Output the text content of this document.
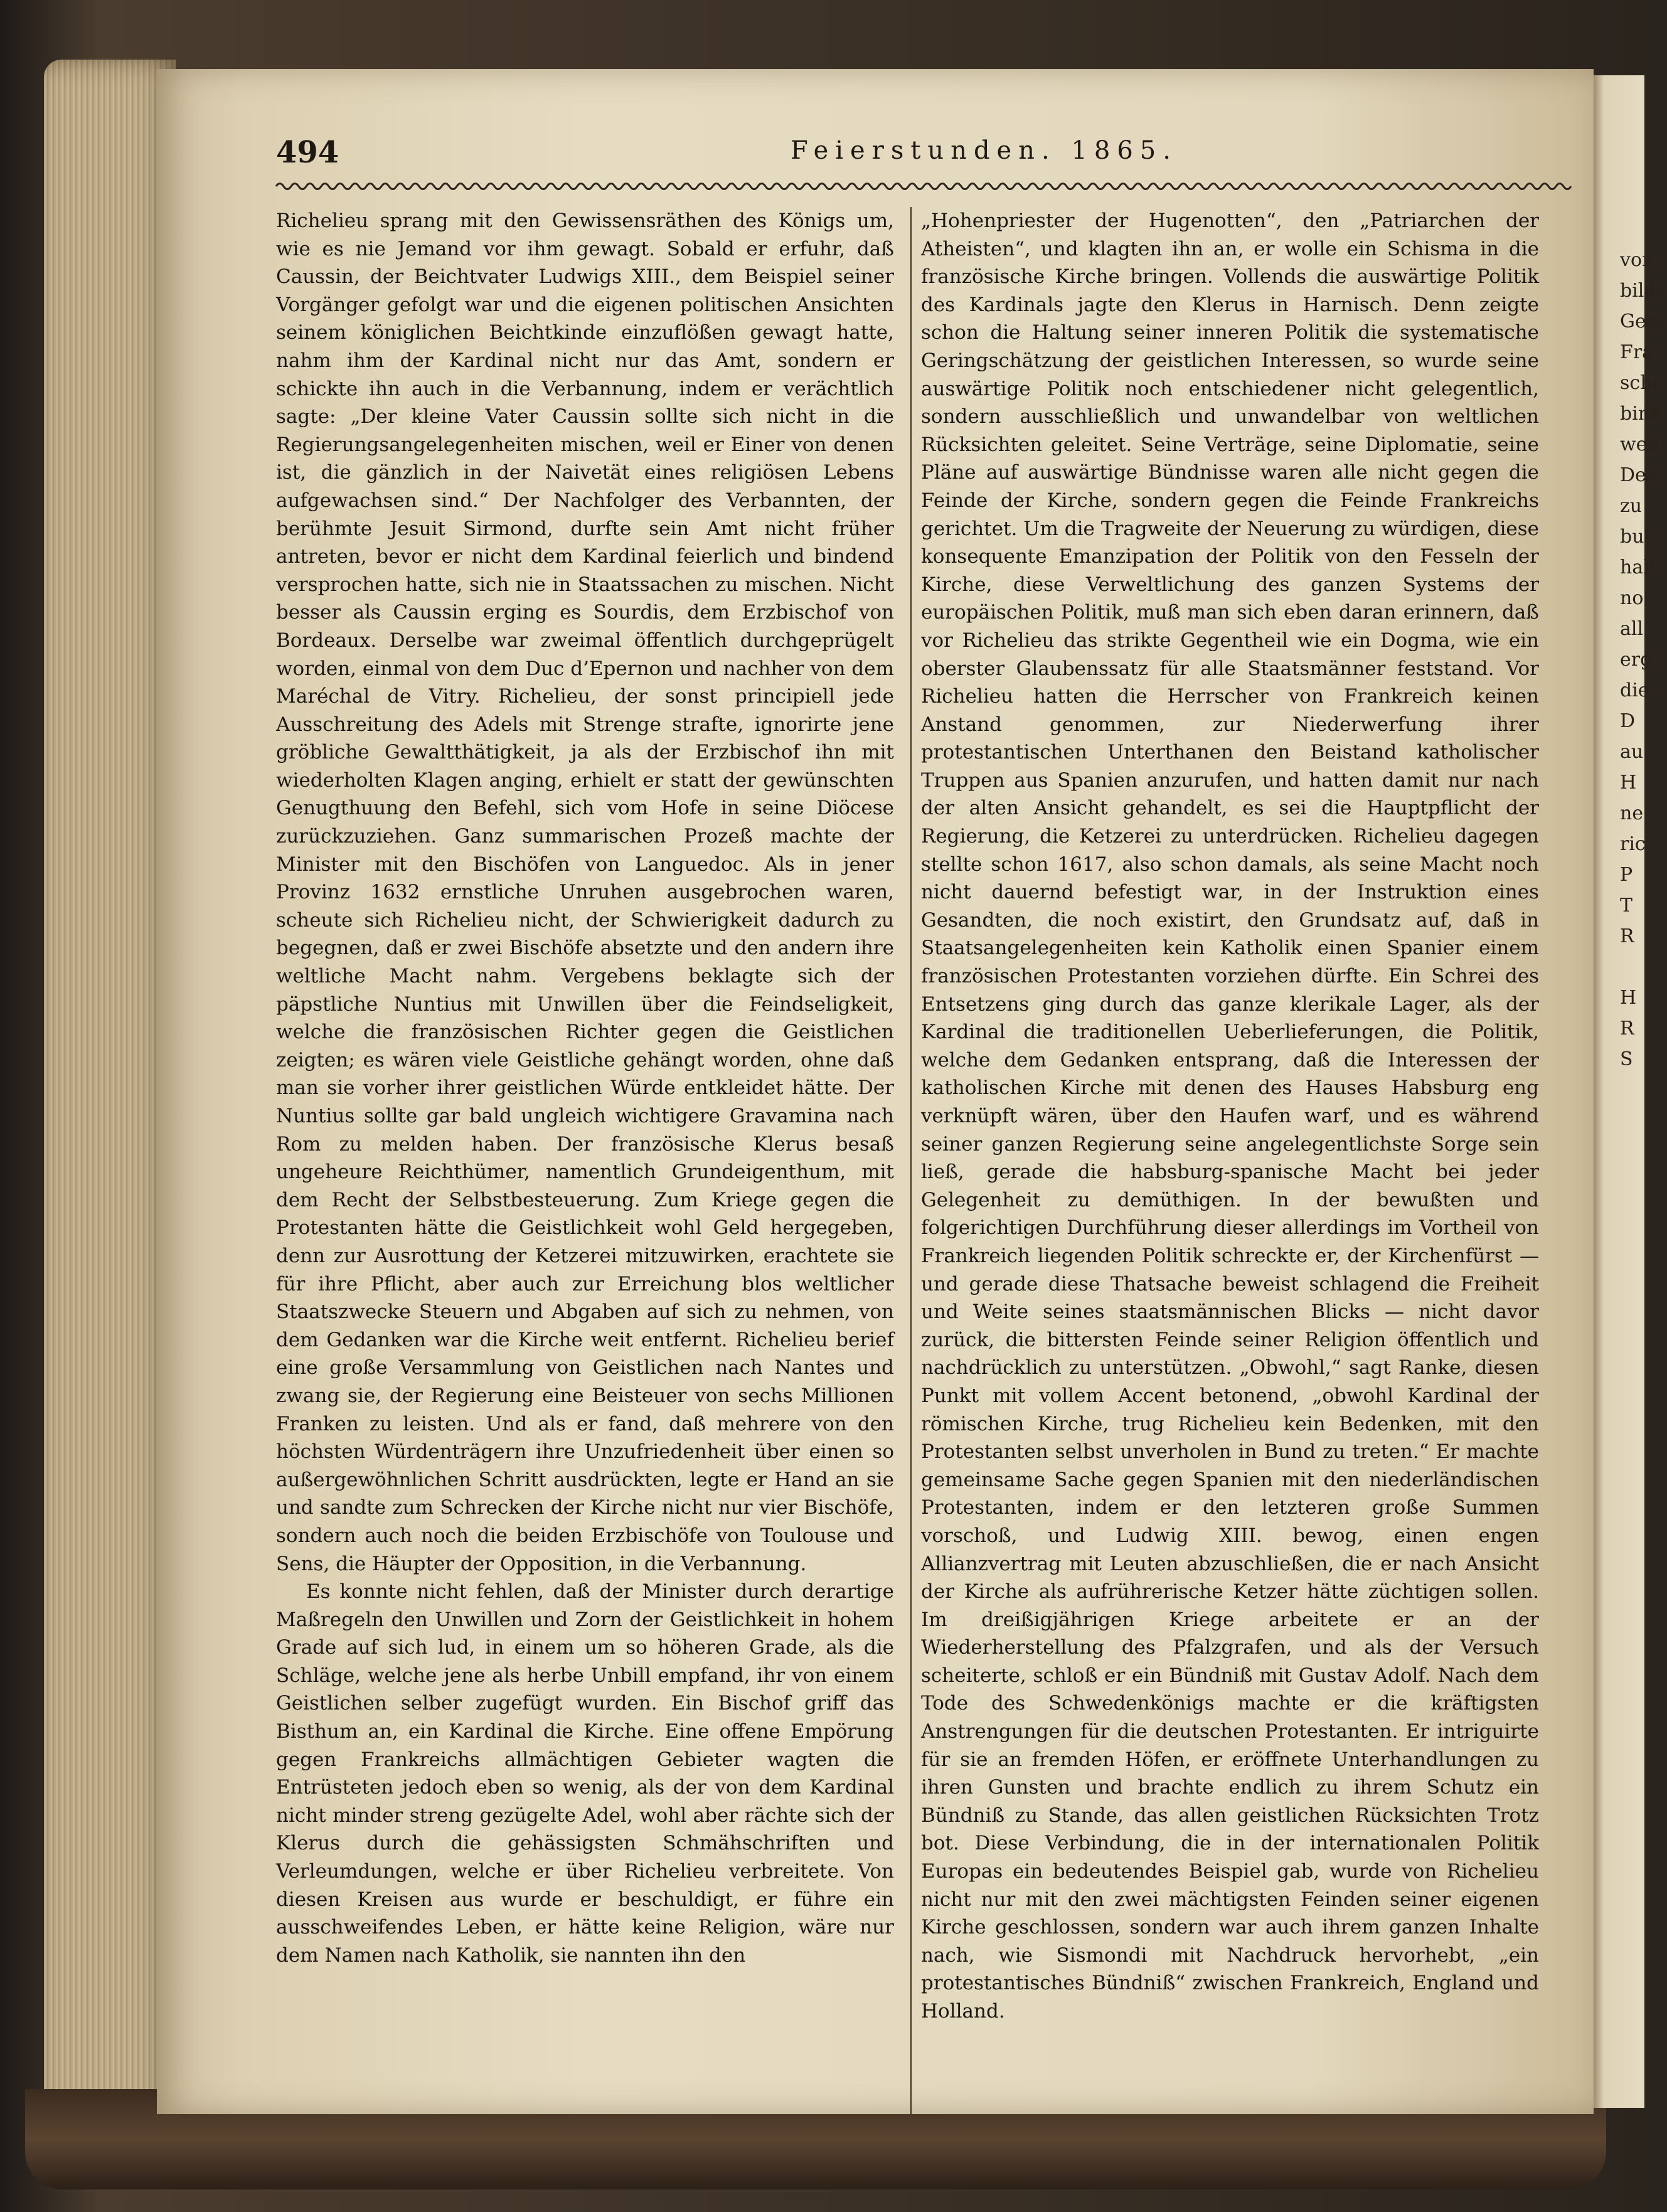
von
bilde
Gess
Fra
schr
bina
wen
Des
zu
bul
hab
no
all
erg
die
D
au
H
ne
ric
P
T
R

H
R
S

494	Feierstunden. 1865.

Richelieu sprang mit den Gewissensräthen des Königs um, wie es nie Jemand vor ihm gewagt. Sobald er erfuhr, daß Caussin, der Beichtvater Ludwigs XIII., dem Beispiel seiner Vorgänger gefolgt war und die eigenen politischen Ansichten seinem königlichen Beichtkinde einzuflößen gewagt hatte, nahm ihm der Kardinal nicht nur das Amt, sondern er schickte ihn auch in die Verbannung, indem er verächtlich sagte: „Der kleine Vater Caussin sollte sich nicht in die Regierungsangelegenheiten mischen, weil er Einer von denen ist, die gänzlich in der Naivetät eines religiösen Lebens aufgewachsen sind.“ Der Nachfolger des Verbannten, der berühmte Jesuit Sirmond, durfte sein Amt nicht früher antreten, bevor er nicht dem Kardinal feierlich und bindend versprochen hatte, sich nie in Staatssachen zu mischen. Nicht besser als Caussin erging es Sourdis, dem Erzbischof von Bordeaux. Derselbe war zweimal öffentlich durchgeprügelt worden, einmal von dem Duc d’Epernon und nachher von dem Maréchal de Vitry. Richelieu, der sonst principiell jede Ausschreitung des Adels mit Strenge strafte, ignorirte jene gröbliche Gewaltthätigkeit, ja als der Erzbischof ihn mit wiederholten Klagen anging, erhielt er statt der gewünschten Genugthuung den Befehl, sich vom Hofe in seine Diöcese zurückzuziehen. Ganz summarischen Prozeß machte der Minister mit den Bischöfen von Languedoc. Als in jener Provinz 1632 ernstliche Unruhen ausgebrochen waren, scheute sich Richelieu nicht, der Schwierigkeit dadurch zu begegnen, daß er zwei Bischöfe absetzte und den andern ihre weltliche Macht nahm. Vergebens beklagte sich der päpstliche Nuntius mit Unwillen über die Feindseligkeit, welche die französischen Richter gegen die Geistlichen zeigten; es wären viele Geistliche gehängt worden, ohne daß man sie vorher ihrer geistlichen Würde entkleidet hätte. Der Nuntius sollte gar bald ungleich wichtigere Gravamina nach Rom zu melden haben. Der französische Klerus besaß ungeheure Reichthümer, namentlich Grundeigenthum, mit dem Recht der Selbstbesteuerung. Zum Kriege gegen die Protestanten hätte die Geistlichkeit wohl Geld hergegeben, denn zur Ausrottung der Ketzerei mitzuwirken, erachtete sie für ihre Pflicht, aber auch zur Erreichung blos weltlicher Staatszwecke Steuern und Abgaben auf sich zu nehmen, von dem Gedanken war die Kirche weit entfernt. Richelieu berief eine große Versammlung von Geistlichen nach Nantes und zwang sie, der Regierung eine Beisteuer von sechs Millionen Franken zu leisten. Und als er fand, daß mehrere von den höchsten Würdenträgern ihre Unzufriedenheit über einen so außergewöhnlichen Schritt ausdrückten, legte er Hand an sie und sandte zum Schrecken der Kirche nicht nur vier Bischöfe, sondern auch noch die beiden Erzbischöfe von Toulouse und Sens, die Häupter der Opposition, in die Verbannung.

Es konnte nicht fehlen, daß der Minister durch derartige Maßregeln den Unwillen und Zorn der Geistlichkeit in hohem Grade auf sich lud, in einem um so höheren Grade, als die Schläge, welche jene als herbe Unbill empfand, ihr von einem Geistlichen selber zugefügt wurden. Ein Bischof griff das Bisthum an, ein Kardinal die Kirche. Eine offene Empörung gegen Frankreichs allmächtigen Gebieter wagten die Entrüsteten jedoch eben so wenig, als der von dem Kardinal nicht minder streng gezügelte Adel, wohl aber rächte sich der Klerus durch die gehässigsten Schmähschriften und Verleumdungen, welche er über Richelieu verbreitete. Von diesen Kreisen aus wurde er beschuldigt, er führe ein ausschweifendes Leben, er hätte keine Religion, wäre nur dem Namen nach Katholik, sie nannten ihn den

„Hohenpriester der Hugenotten“, den „Patriarchen der Atheisten“, und klagten ihn an, er wolle ein Schisma in die französische Kirche bringen. Vollends die auswärtige Politik des Kardinals jagte den Klerus in Harnisch. Denn zeigte schon die Haltung seiner inneren Politik die systematische Geringschätzung der geistlichen Interessen, so wurde seine auswärtige Politik noch entschiedener nicht gelegentlich, sondern ausschließlich und unwandelbar von weltlichen Rücksichten geleitet. Seine Verträge, seine Diplomatie, seine Pläne auf auswärtige Bündnisse waren alle nicht gegen die Feinde der Kirche, sondern gegen die Feinde Frankreichs gerichtet. Um die Tragweite der Neuerung zu würdigen, diese konsequente Emanzipation der Politik von den Fesseln der Kirche, diese Verweltlichung des ganzen Systems der europäischen Politik, muß man sich eben daran erinnern, daß vor Richelieu das strikte Gegentheil wie ein Dogma, wie ein oberster Glaubenssatz für alle Staatsmänner feststand. Vor Richelieu hatten die Herrscher von Frankreich keinen Anstand genommen, zur Niederwerfung ihrer protestantischen Unterthanen den Beistand katholischer Truppen aus Spanien anzurufen, und hatten damit nur nach der alten Ansicht gehandelt, es sei die Hauptpflicht der Regierung, die Ketzerei zu unterdrücken. Richelieu dagegen stellte schon 1617, also schon damals, als seine Macht noch nicht dauernd befestigt war, in der Instruktion eines Gesandten, die noch existirt, den Grundsatz auf, daß in Staatsangelegenheiten kein Katholik einen Spanier einem französischen Protestanten vorziehen dürfte. Ein Schrei des Entsetzens ging durch das ganze klerikale Lager, als der Kardinal die traditionellen Ueberlieferungen, die Politik, welche dem Gedanken entsprang, daß die Interessen der katholischen Kirche mit denen des Hauses Habsburg eng verknüpft wären, über den Haufen warf, und es während seiner ganzen Regierung seine angelegentlichste Sorge sein ließ, gerade die habsburg-spanische Macht bei jeder Gelegenheit zu demüthigen. In der bewußten und folgerichtigen Durchführung dieser allerdings im Vortheil von Frankreich liegenden Politik schreckte er, der Kirchenfürst — und gerade diese Thatsache beweist schlagend die Freiheit und Weite seines staatsmännischen Blicks — nicht davor zurück, die bittersten Feinde seiner Religion öffentlich und nachdrücklich zu unterstützen. „Obwohl,“ sagt Ranke, diesen Punkt mit vollem Accent betonend, „obwohl Kardinal der römischen Kirche, trug Richelieu kein Bedenken, mit den Protestanten selbst unverholen in Bund zu treten.“ Er machte gemeinsame Sache gegen Spanien mit den niederländischen Protestanten, indem er den letzteren große Summen vorschoß, und Ludwig XIII. bewog, einen engen Allianzvertrag mit Leuten abzuschließen, die er nach Ansicht der Kirche als aufrührerische Ketzer hätte züchtigen sollen. Im dreißigjährigen Kriege arbeitete er an der Wiederherstellung des Pfalzgrafen, und als der Versuch scheiterte, schloß er ein Bündniß mit Gustav Adolf. Nach dem Tode des Schwedenkönigs machte er die kräftigsten Anstrengungen für die deutschen Protestanten. Er intriguirte für sie an fremden Höfen, er eröffnete Unterhandlungen zu ihren Gunsten und brachte endlich zu ihrem Schutz ein Bündniß zu Stande, das allen geistlichen Rücksichten Trotz bot. Diese Verbindung, die in der internationalen Politik Europas ein bedeutendes Beispiel gab, wurde von Richelieu nicht nur mit den zwei mächtigsten Feinden seiner eigenen Kirche geschlossen, sondern war auch ihrem ganzen Inhalte nach, wie Sismondi mit Nachdruck hervorhebt, „ein protestantisches Bündniß“ zwischen Frankreich, England und Holland.
